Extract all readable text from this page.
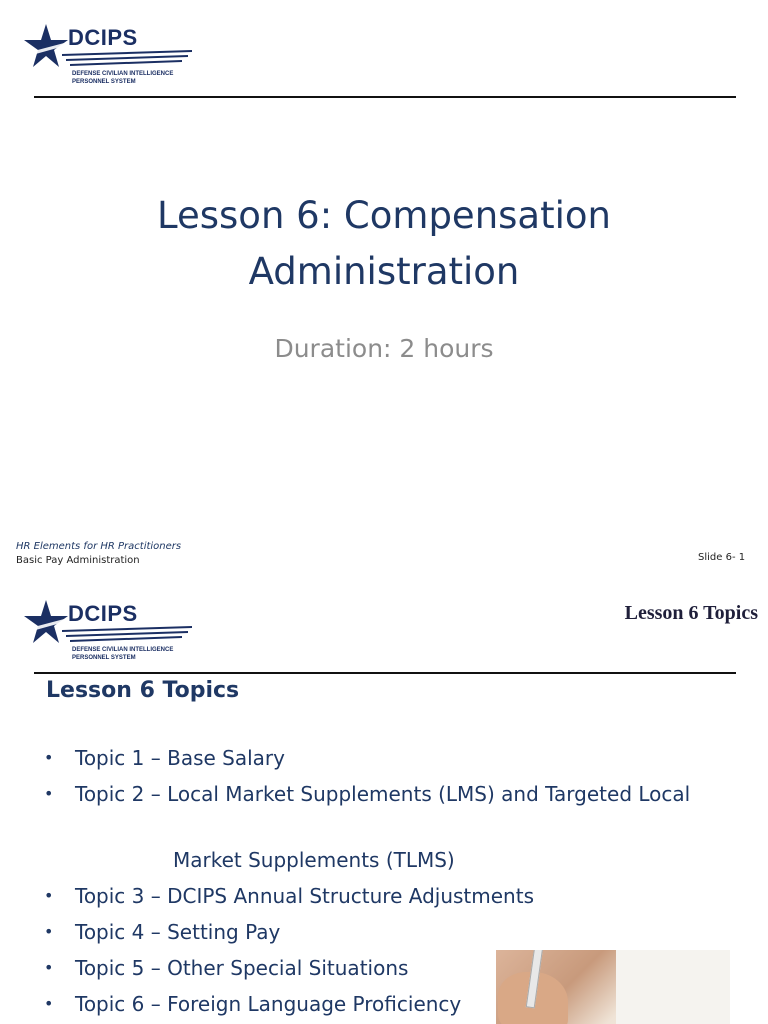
DCIPS
DEFENSE CIVILIAN INTELLIGENCE
PERSONNEL SYSTEM
Lesson 6: Compensation
Administration
Duration: 2 hours
HR Elements for HR Practitioners
Basic Pay Administration	Slide 6- 1
DCIPS
DEFENSE CIVILIAN INTELLIGENCE
PERSONNEL SYSTEM
Lesson 6 Topics
Lesson 6 Topics
• Topic 1 – Base Salary
• Topic 2 – Local Market Supplements (LMS) and Targeted Local
Market Supplements (TLMS)
• Topic 3 – DCIPS Annual Structure Adjustments
• Topic 4 – Setting Pay
• Topic 5 – Other Special Situations
• Topic 6 – Foreign Language Proficiency
